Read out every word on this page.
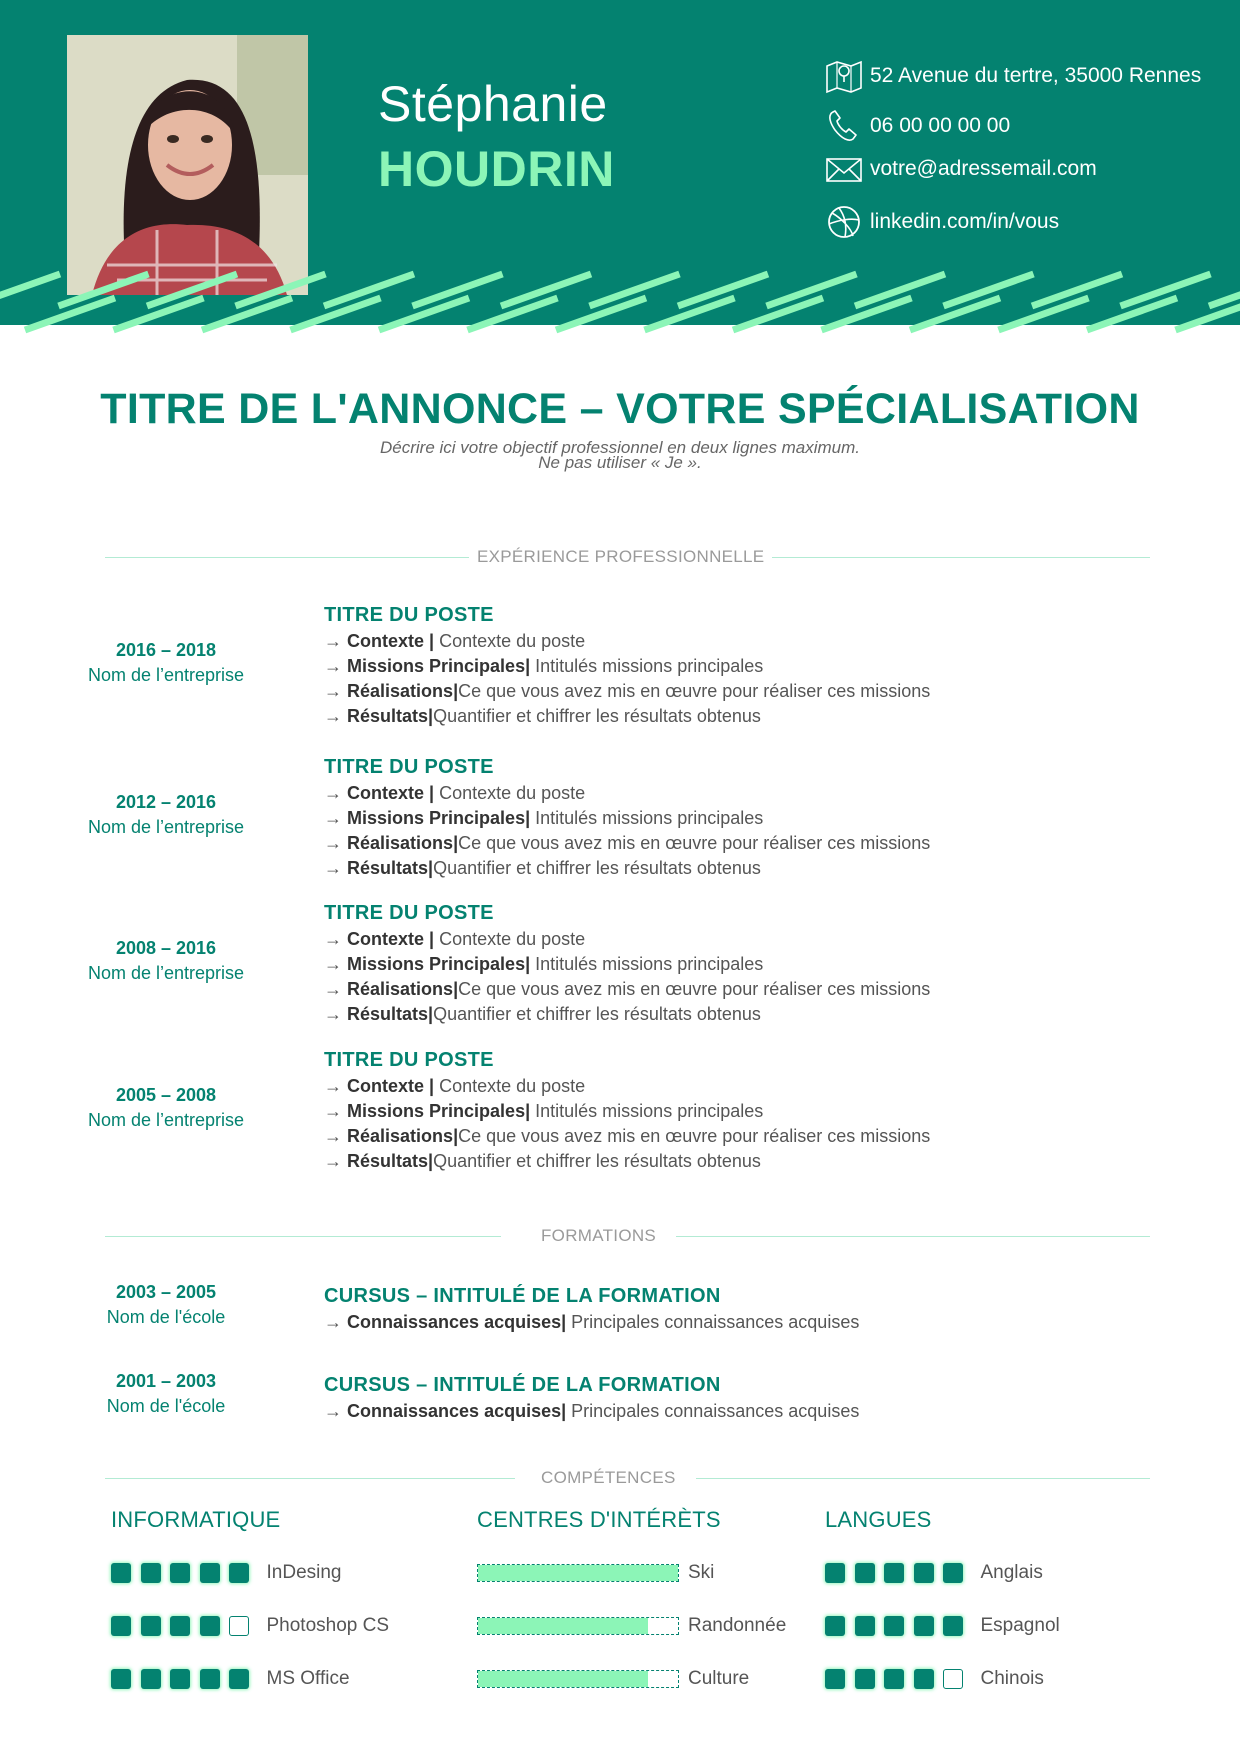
Stéphanie
HOUDRIN
52 Avenue du tertre, 35000 Rennes
06 00 00 00 00
votre@adressemail.com
linkedin.com/in/vous
TITRE DE L'ANNONCE – VOTRE SPÉCIALISATION
Décrire ici votre objectif professionnel en deux lignes maximum.
Ne pas utiliser « Je ».
EXPÉRIENCE PROFESSIONNELLE
2016 – 2018
Nom de l’entreprise
TITRE DU POSTE
→ Contexte | Contexte du poste
→ Missions Principales| Intitulés missions principales
→ Réalisations|Ce que vous avez mis en œuvre pour réaliser ces missions
→ Résultats|Quantifier et chiffrer les résultats obtenus
2012 – 2016
Nom de l’entreprise
TITRE DU POSTE
→ Contexte | Contexte du poste
→ Missions Principales| Intitulés missions principales
→ Réalisations|Ce que vous avez mis en œuvre pour réaliser ces missions
→ Résultats|Quantifier et chiffrer les résultats obtenus
2008 – 2016
Nom de l’entreprise
TITRE DU POSTE
→ Contexte | Contexte du poste
→ Missions Principales| Intitulés missions principales
→ Réalisations|Ce que vous avez mis en œuvre pour réaliser ces missions
→ Résultats|Quantifier et chiffrer les résultats obtenus
2005 – 2008
Nom de l’entreprise
TITRE DU POSTE
→ Contexte | Contexte du poste
→ Missions Principales| Intitulés missions principales
→ Réalisations|Ce que vous avez mis en œuvre pour réaliser ces missions
→ Résultats|Quantifier et chiffrer les résultats obtenus
FORMATIONS
2003 – 2005
Nom de l'école
CURSUS – INTITULÉ DE LA FORMATION
→ Connaissances acquises| Principales connaissances acquises
2001 – 2003
Nom de l'école
CURSUS – INTITULÉ DE LA FORMATION
→ Connaissances acquises| Principales connaissances acquises
COMPÉTENCES
INFORMATIQUE
InDesing
Photoshop CS
MS Office
CENTRES D'INTÉRÈTS
Ski
Randonnée
Culture
LANGUES
Anglais
Espagnol
Chinois
